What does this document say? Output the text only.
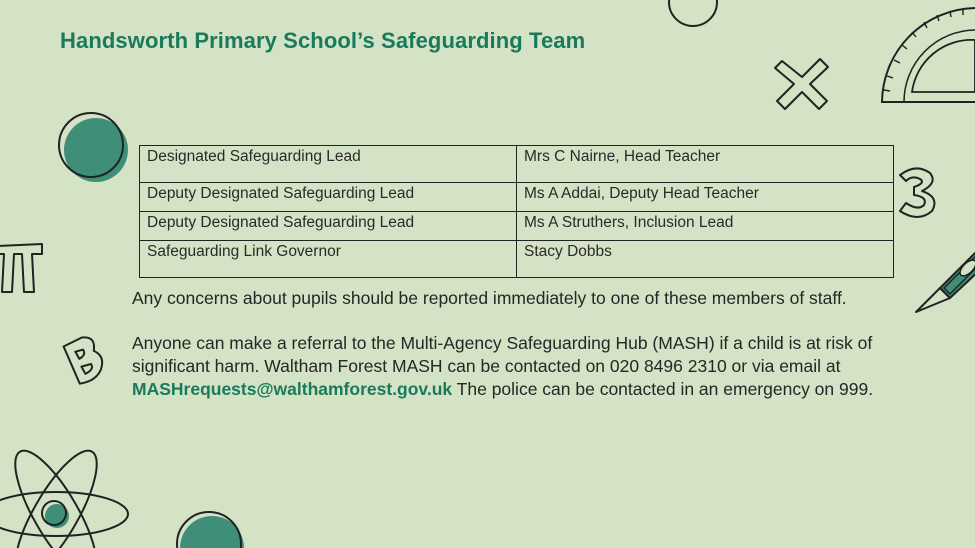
Handsworth Primary School’s Safeguarding Team
Designated Safeguarding Lead	Mrs C Nairne, Head Teacher
Deputy Designated Safeguarding Lead	Ms A Addai, Deputy Head Teacher
Deputy Designated Safeguarding Lead	Ms A Struthers, Inclusion Lead
Safeguarding Link Governor	Stacy Dobbs

Any concerns about pupils should be reported immediately to one of these members of staff.

Anyone can make a referral to the Multi-Agency Safeguarding Hub (MASH) if a child is at risk of significant harm. Waltham Forest MASH can be contacted on 020 8496 2310 or via email at MASHrequests@walthamforest.gov.uk The police can be contacted in an emergency on 999.
